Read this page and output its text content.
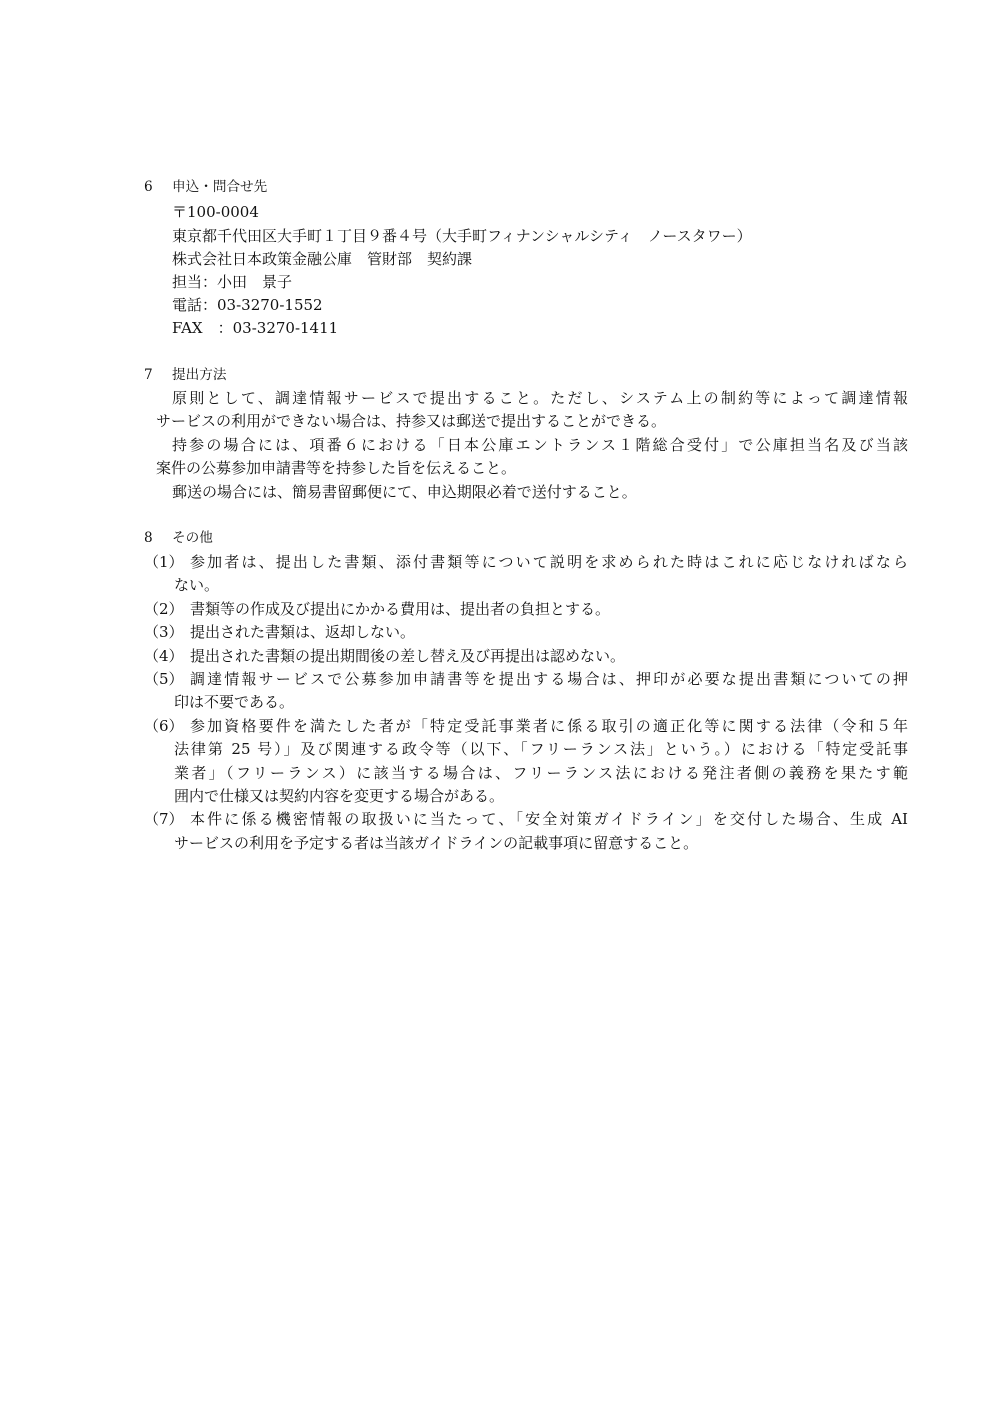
6 申込・問合せ先
〒100-0004
東京都千代田区大手町１丁目９番４号（大手町フィナンシャルシティ　ノースタワー）
株式会社日本政策金融公庫　管財部　契約課
担当：小田　景子
電話：03-3270-1552
FAX　：03-3270-1411
7 提出方法
原則として、調達情報サービスで提出すること。ただし、システム上の制約等によって調達情報
サービスの利用ができない場合は、持参又は郵送で提出することができる。
持参の場合には、項番６における「日本公庫エントランス１階総合受付」で公庫担当名及び当該
案件の公募参加申請書等を持参した旨を伝えること。
郵送の場合には、簡易書留郵便にて、申込期限必着で送付すること。
8 その他
（1） 参加者は、提出した書類、添付書類等について説明を求められた時はこれに応じなければなら
ない。
（2） 書類等の作成及び提出にかかる費用は、提出者の負担とする。
（3） 提出された書類は、返却しない。
（4） 提出された書類の提出期間後の差し替え及び再提出は認めない。
（5） 調達情報サービスで公募参加申請書等を提出する場合は、押印が必要な提出書類についての押
印は不要である。
（6） 参加資格要件を満たした者が「特定受託事業者に係る取引の適正化等に関する法律（令和５年
法律第 25 号）」及び関連する政令等（以下、「フリーランス法」という。）における「特定受託事
業者」（フリーランス）に該当する場合は、フリーランス法における発注者側の義務を果たす範
囲内で仕様又は契約内容を変更する場合がある。
（7） 本件に係る機密情報の取扱いに当たって、「安全対策ガイドライン」を交付した場合、生成 AI
サービスの利用を予定する者は当該ガイドラインの記載事項に留意すること。
